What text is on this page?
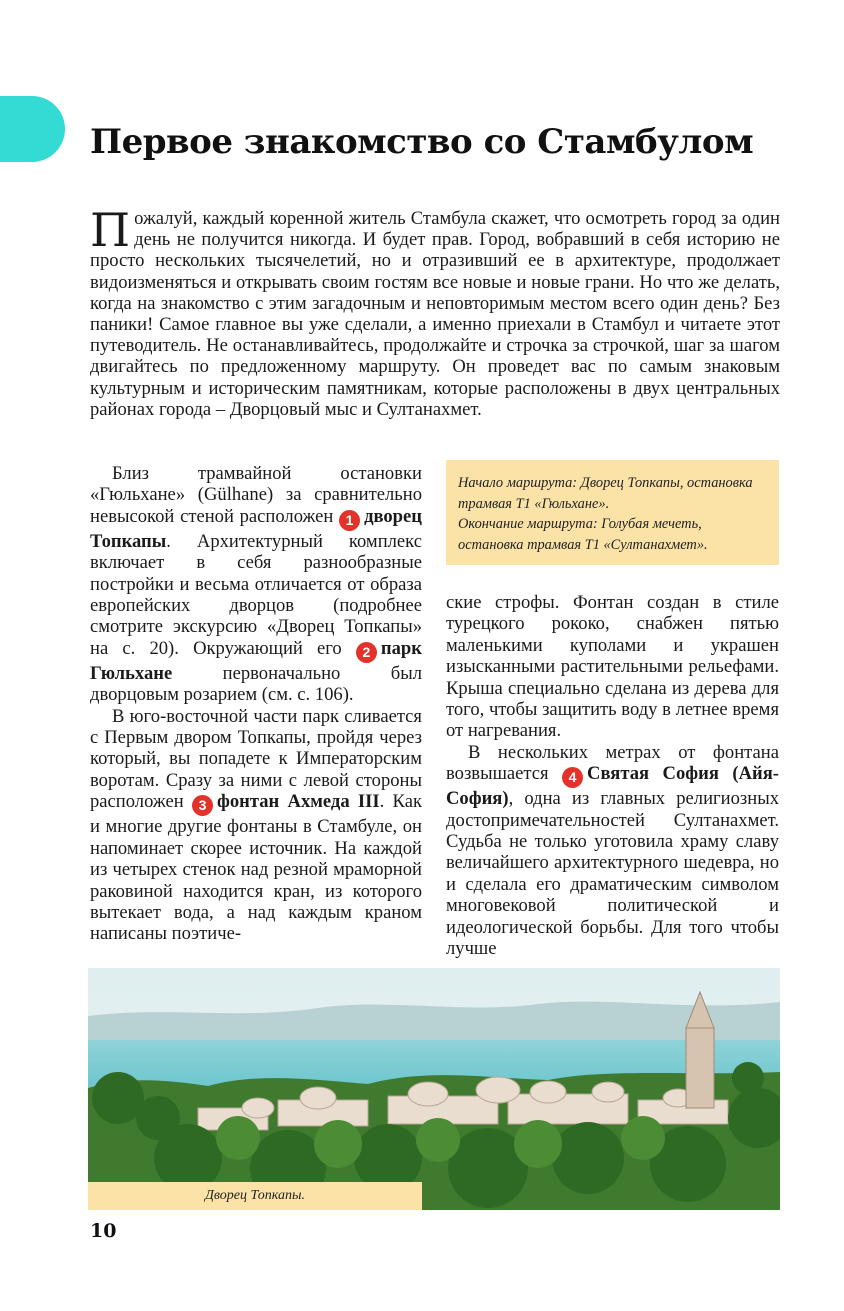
Первое знакомство со Стамбулом
Пожалуй, каждый коренной житель Стамбула скажет, что осмотреть город за один день не получится никогда. И будет прав. Город, вобравший в себя историю не просто нескольких тысячелетий, но и отразивший ее в архитектуре, продолжает видоизменяться и открывать своим гостям все новые и новые грани. Но что же делать, когда на знакомство с этим загадочным и неповторимым местом всего один день? Без паники! Самое главное вы уже сделали, а именно приехали в Стамбул и читаете этот путеводитель. Не останавливайтесь, продолжайте и строчка за строчкой, шаг за шагом двигайтесь по предложенному маршруту. Он проведет вас по самым знаковым культурным и историческим памятникам, которые расположены в двух центральных районах города – Дворцовый мыс и Султанахмет.

Близ трамвайной остановки «Гюльхане» (Gülhane) за сравнительно невысокой стеной расположен 1 дворец Топкапы. Архитектурный комплекс включает в себя разнообразные постройки и весьма отличается от образа европейских дворцов (подробнее смотрите экскурсию «Дворец Топкапы» на с. 20). Окружающий его 2 парк Гюльхане первоначально был дворцовым розарием (см. с. 106).

В юго-восточной части парк сливается с Первым двором Топкапы, пройдя через который, вы попадете к Императорским воротам. Сразу за ними с левой стороны расположен 3 фонтан Ахмеда III. Как и многие другие фонтаны в Стамбуле, он напоминает скорее источник. На каждой из четырех стенок над резной мраморной раковиной находится кран, из которого вытекает вода, а над каждым краном написаны поэтиче-

Начало маршрута: Дворец Топкапы, остановка трамвая Т1 «Гюльхане».
Окончание маршрута: Голубая мечеть, остановка трамвая Т1 «Султанахмет».

ские строфы. Фонтан создан в стиле турецкого рококо, снабжен пятью маленькими куполами и украшен изысканными растительными рельефами. Крыша специально сделана из дерева для того, чтобы защитить воду в летнее время от нагревания.

В нескольких метрах от фонтана возвышается 4 Святая София (Айя-София), одна из главных религиозных достопримечательностей Султанахмет. Судьба не только уготовила храму славу величайшего архитектурного шедевра, но и сделала его драматическим символом многовековой политической и идеологической борьбы. Для того чтобы лучше

Дворец Топкапы.
10
